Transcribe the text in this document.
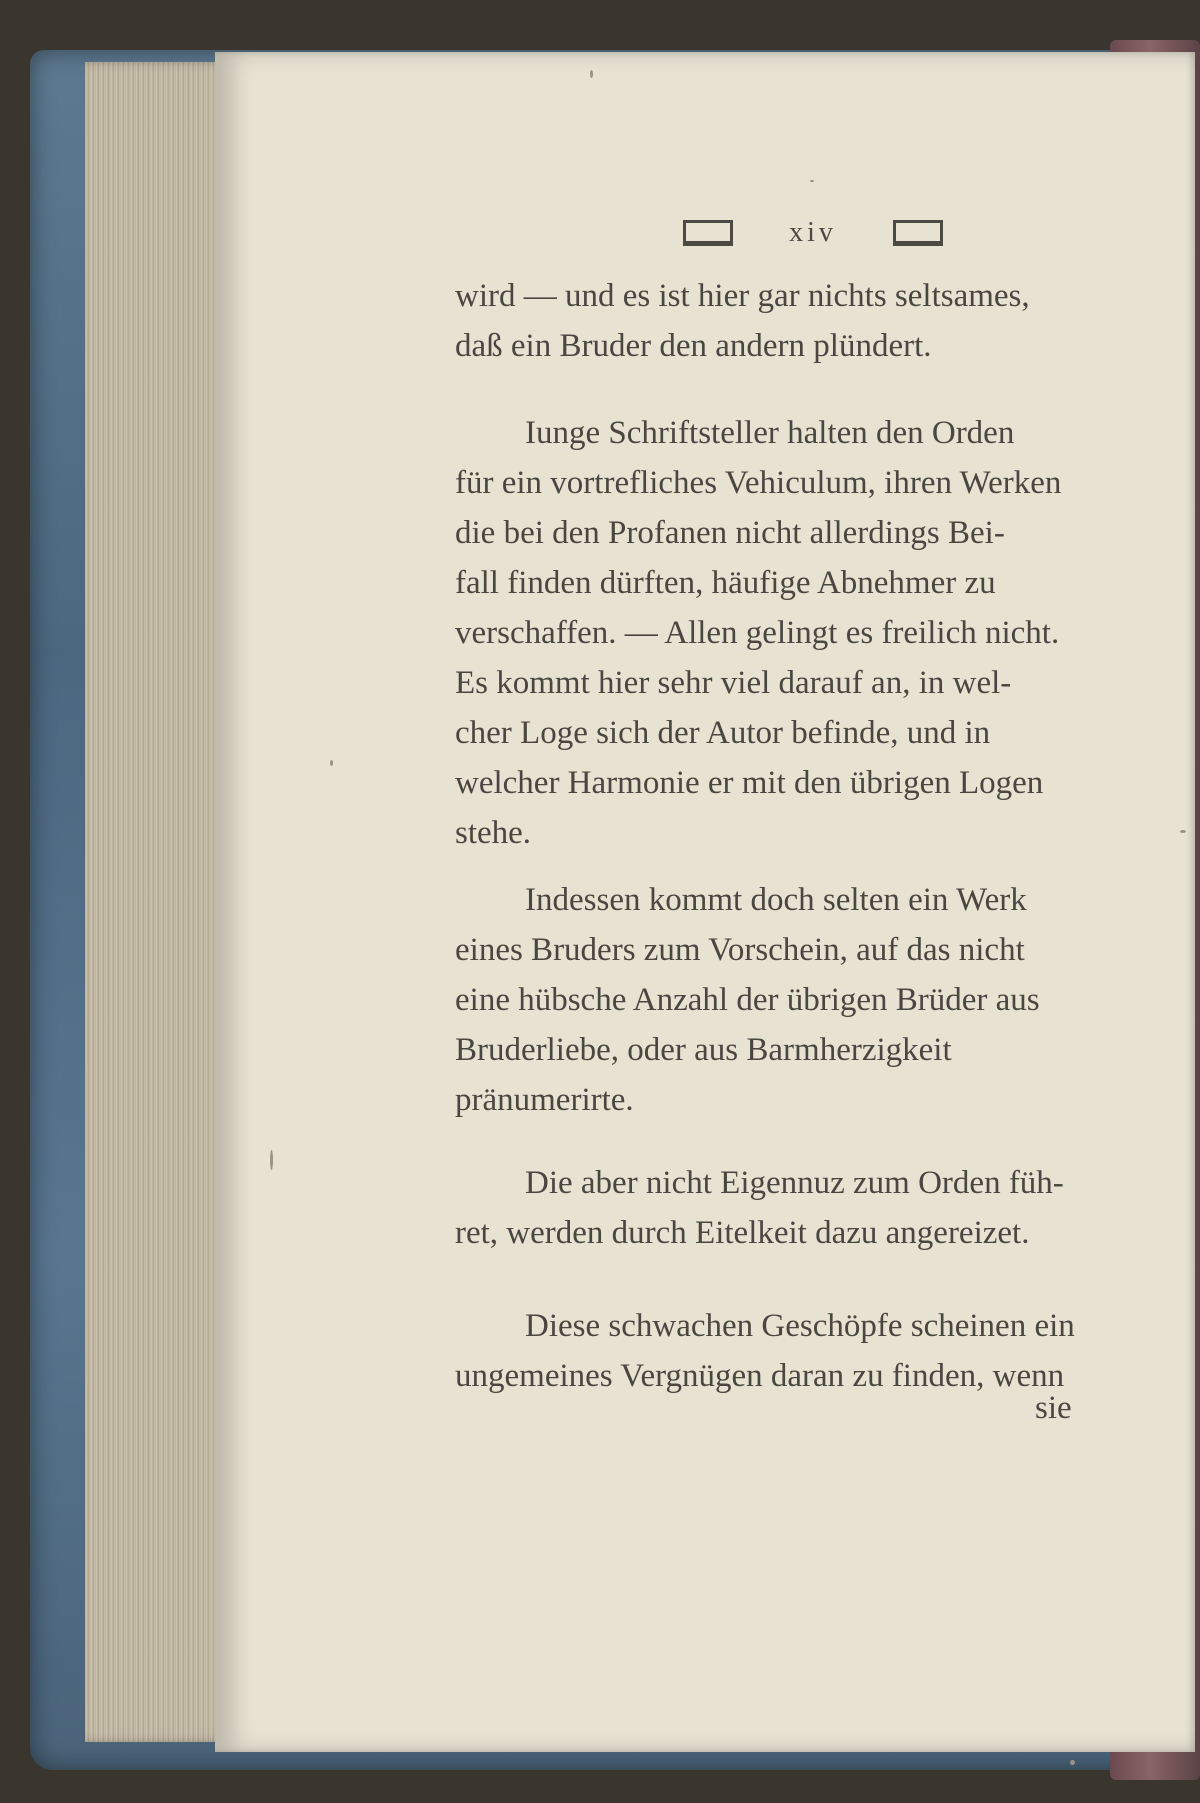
xiv
wird — und es ist hier gar nichts seltsames,
daß ein Bruder den andern plündert.
Iunge Schriftsteller halten den Orden
für ein vortrefliches Vehiculum, ihren Werken
die bei den Profanen nicht allerdings Bei-
fall finden dürften, häufige Abnehmer zu
verschaffen. — Allen gelingt es freilich nicht.
Es kommt hier sehr viel darauf an, in wel-
cher Loge sich der Autor befinde, und in
welcher Harmonie er mit den übrigen Logen
stehe.
Indessen kommt doch selten ein Werk
eines Bruders zum Vorschein, auf das nicht
eine hübsche Anzahl der übrigen Brüder aus
Bruderliebe, oder aus Barmherzigkeit
pränumerirte.
Die aber nicht Eigennuz zum Orden füh-
ret, werden durch Eitelkeit dazu angereizet.
Diese schwachen Geschöpfe scheinen ein
ungemeines Vergnügen daran zu finden, wenn
sie
